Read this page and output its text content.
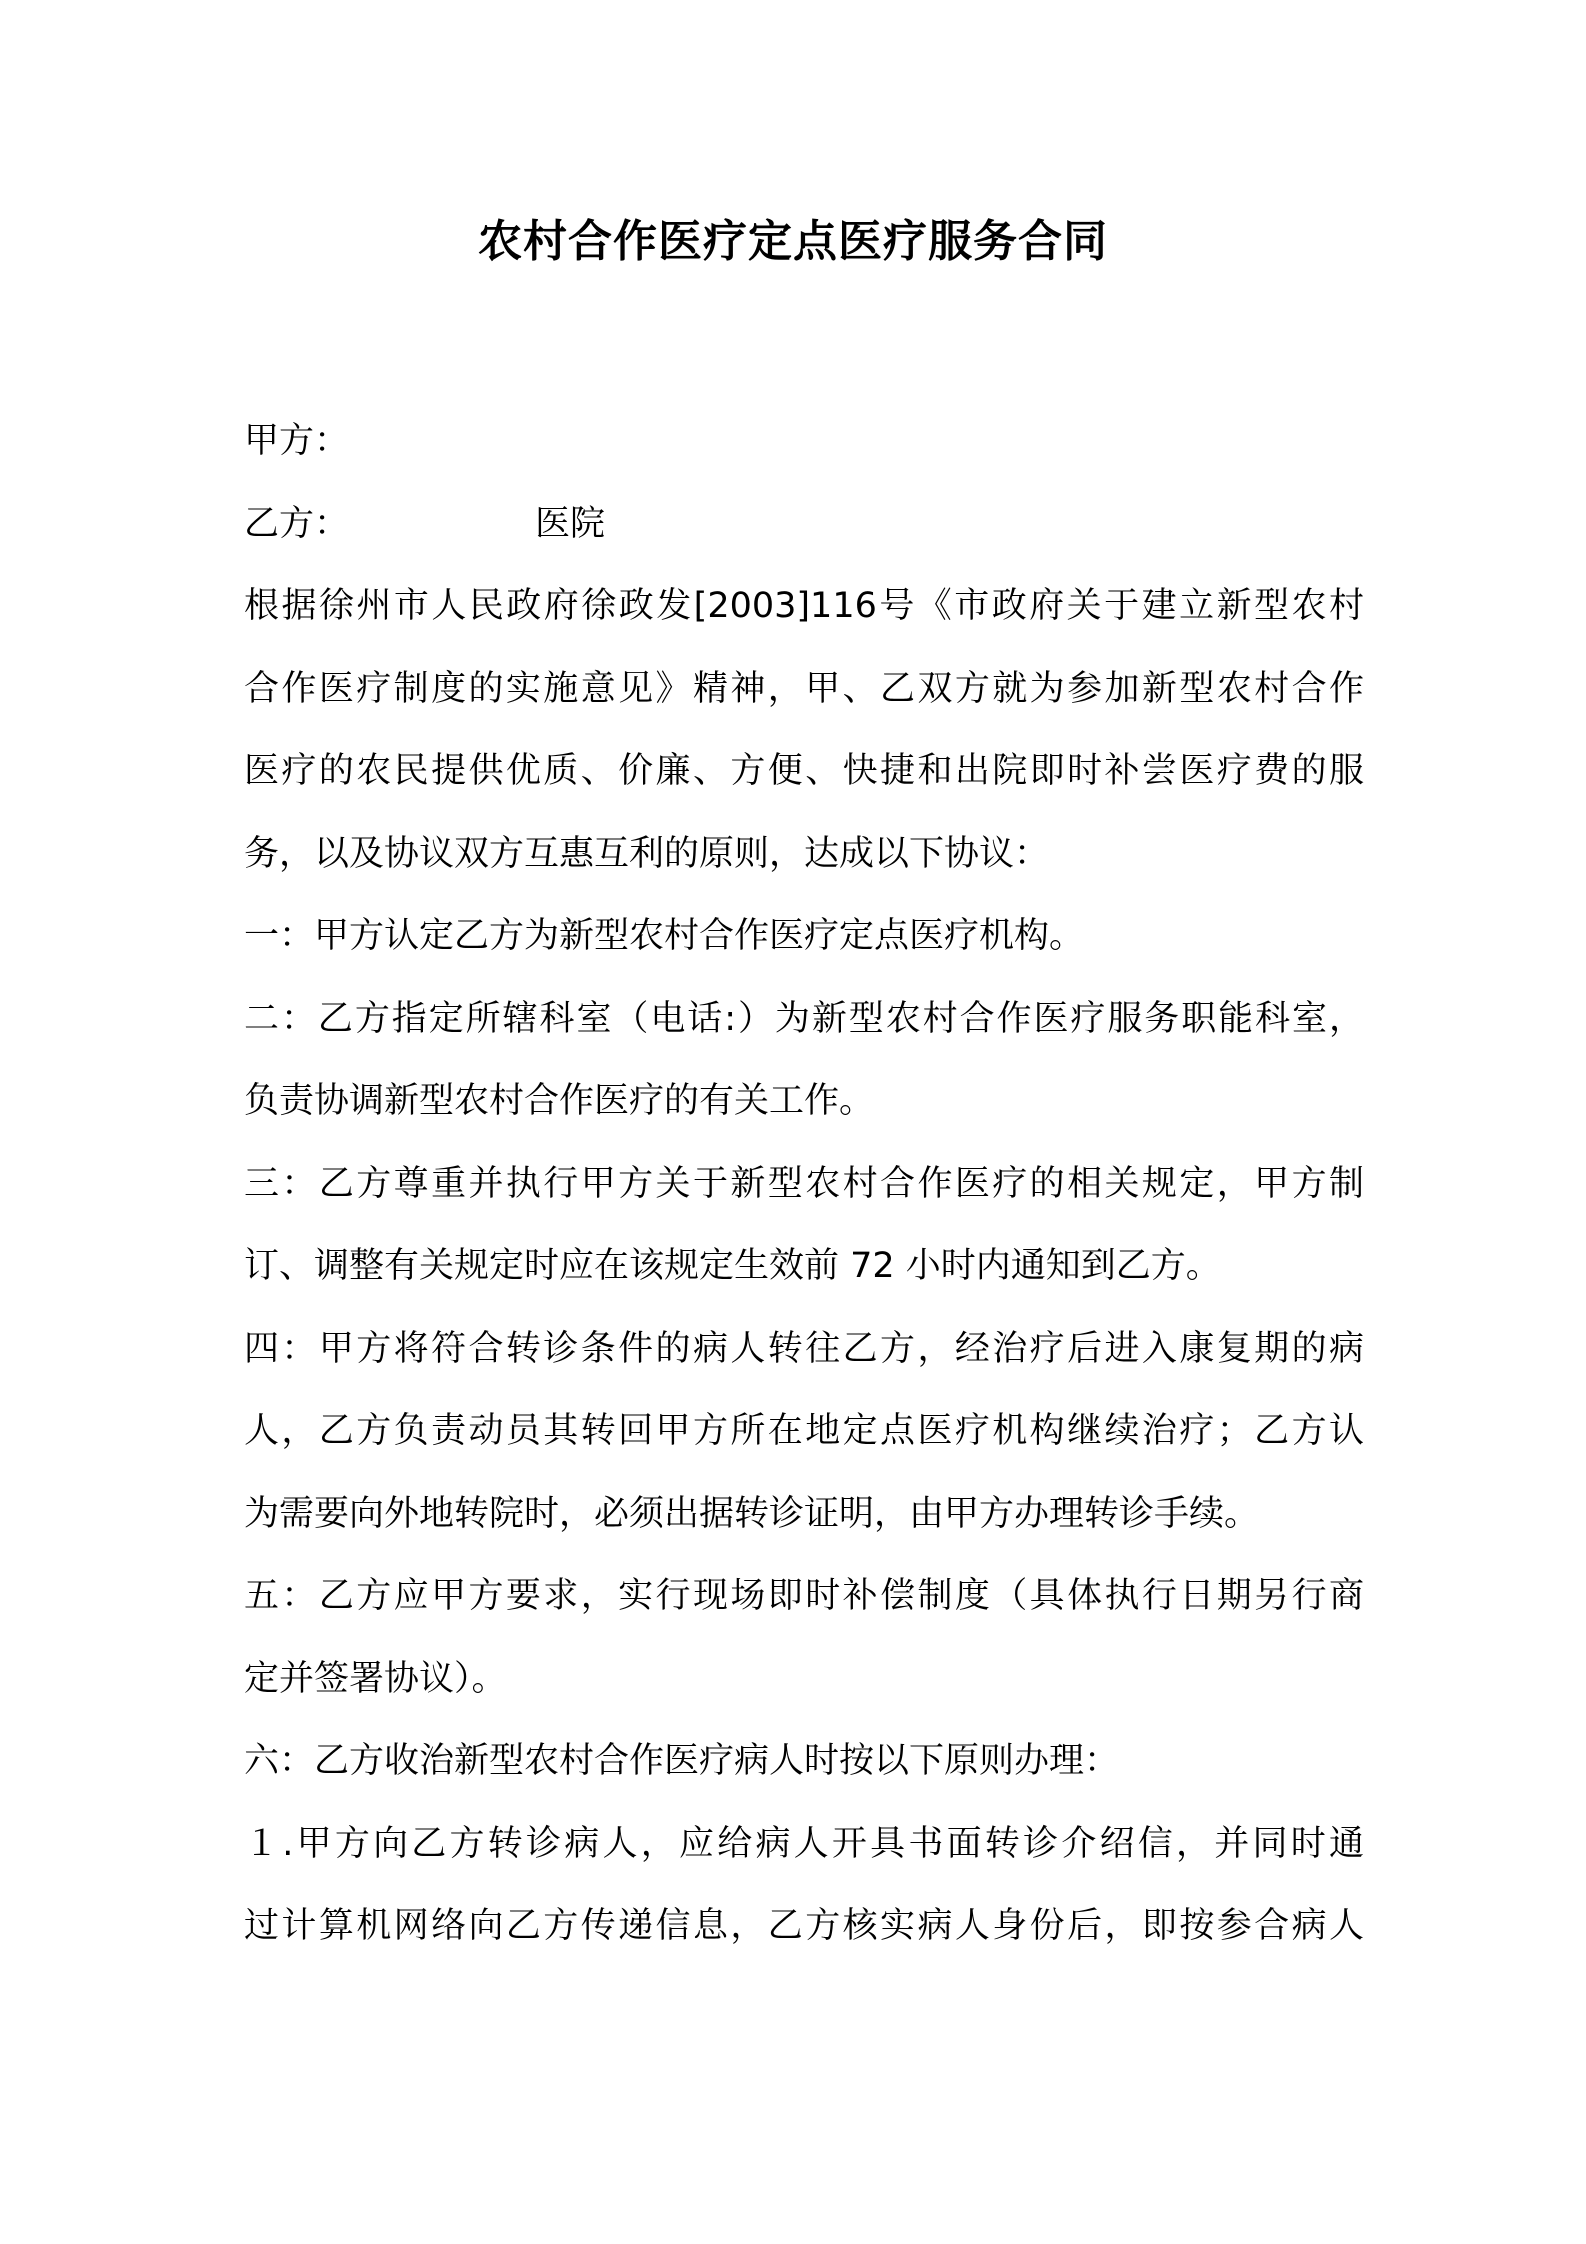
农村合作医疗定点医疗服务合同
甲方：
乙方：	医院
根据徐州市人民政府徐政发[2003]116号《市政府关于建立新型农村
合作医疗制度的实施意见》精神，甲、乙双方就为参加新型农村合作
医疗的农民提供优质、价廉、方便、快捷和出院即时补尝医疗费的服
务，以及协议双方互惠互利的原则，达成以下协议：
一：甲方认定乙方为新型农村合作医疗定点医疗机构。
二：乙方指定所辖科室（电话:）为新型农村合作医疗服务职能科室，
负责协调新型农村合作医疗的有关工作。
三：乙方尊重并执行甲方关于新型农村合作医疗的相关规定，甲方制
订、调整有关规定时应在该规定生效前 72 小时内通知到乙方。
四：甲方将符合转诊条件的病人转往乙方，经治疗后进入康复期的病
人，乙方负责动员其转回甲方所在地定点医疗机构继续治疗；乙方认
为需要向外地转院时，必须出据转诊证明，由甲方办理转诊手续。
五：乙方应甲方要求，实行现场即时补偿制度（具体执行日期另行商
定并签署协议）。
六：乙方收治新型农村合作医疗病人时按以下原则办理：
１.甲方向乙方转诊病人，应给病人开具书面转诊介绍信，并同时通
过计算机网络向乙方传递信息，乙方核实病人身份后，即按参合病人
